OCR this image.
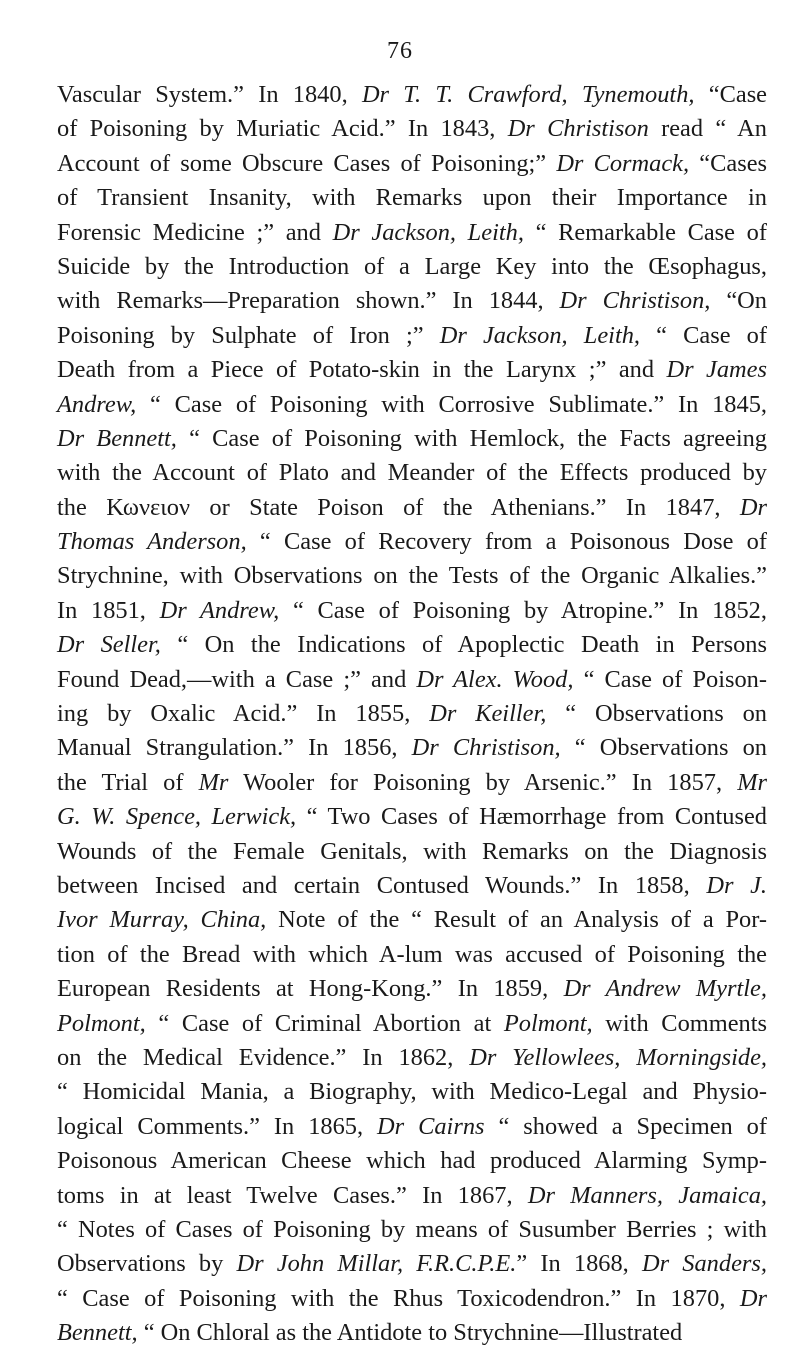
76
Vascular System.” In 1840, Dr T. T. Crawford, Tynemouth, “Case
of Poisoning by Muriatic Acid.” In 1843, Dr Christison read “ An
Account of some Obscure Cases of Poisoning;” Dr Cormack, “Cases
of Transient Insanity, with Remarks upon their Importance in
Forensic Medicine ;” and Dr Jackson, Leith, “ Remarkable Case of
Suicide by the Introduction of a Large Key into the Œsophagus,
with Remarks—Preparation shown.” In 1844, Dr Christison, “On
Poisoning by Sulphate of Iron ;” Dr Jackson, Leith, “ Case of
Death from a Piece of Potato-skin in the Larynx ;” and Dr James
Andrew, “ Case of Poisoning with Corrosive Sublimate.” In 1845,
Dr Bennett, “ Case of Poisoning with Hemlock, the Facts agreeing
with the Account of Plato and Meander of the Effects produced by
the Κωνειον or State Poison of the Athenians.” In 1847, Dr
Thomas Anderson, “ Case of Recovery from a Poisonous Dose of
Strychnine, with Observations on the Tests of the Organic Alkalies.”
In 1851, Dr Andrew, “ Case of Poisoning by Atropine.” In 1852,
Dr Seller, “ On the Indications of Apoplectic Death in Persons
Found Dead,—with a Case ;” and Dr Alex. Wood, “ Case of Poison-
ing by Oxalic Acid.” In 1855, Dr Keiller, “ Observations on
Manual Strangulation.” In 1856, Dr Christison, “ Observations on
the Trial of Mr Wooler for Poisoning by Arsenic.” In 1857, Mr
G. W. Spence, Lerwick, “ Two Cases of Hæmorrhage from Contused
Wounds of the Female Genitals, with Remarks on the Diagnosis
between Incised and certain Contused Wounds.” In 1858, Dr J.
Ivor Murray, China, Note of the “ Result of an Analysis of a Por-
tion of the Bread with which A-lum was accused of Poisoning the
European Residents at Hong-Kong.” In 1859, Dr Andrew Myrtle,
Polmont, “ Case of Criminal Abortion at Polmont, with Comments
on the Medical Evidence.” In 1862, Dr Yellowlees, Morningside,
“ Homicidal Mania, a Biography, with Medico-Legal and Physio-
logical Comments.” In 1865, Dr Cairns “ showed a Specimen of
Poisonous American Cheese which had produced Alarming Symp-
toms in at least Twelve Cases.” In 1867, Dr Manners, Jamaica,
“ Notes of Cases of Poisoning by means of Susumber Berries ; with
Observations by Dr John Millar, F.R.C.P.E.” In 1868, Dr Sanders,
“ Case of Poisoning with the Rhus Toxicodendron.” In 1870, Dr
Bennett, “ On Chloral as the Antidote to Strychnine—Illustrated
